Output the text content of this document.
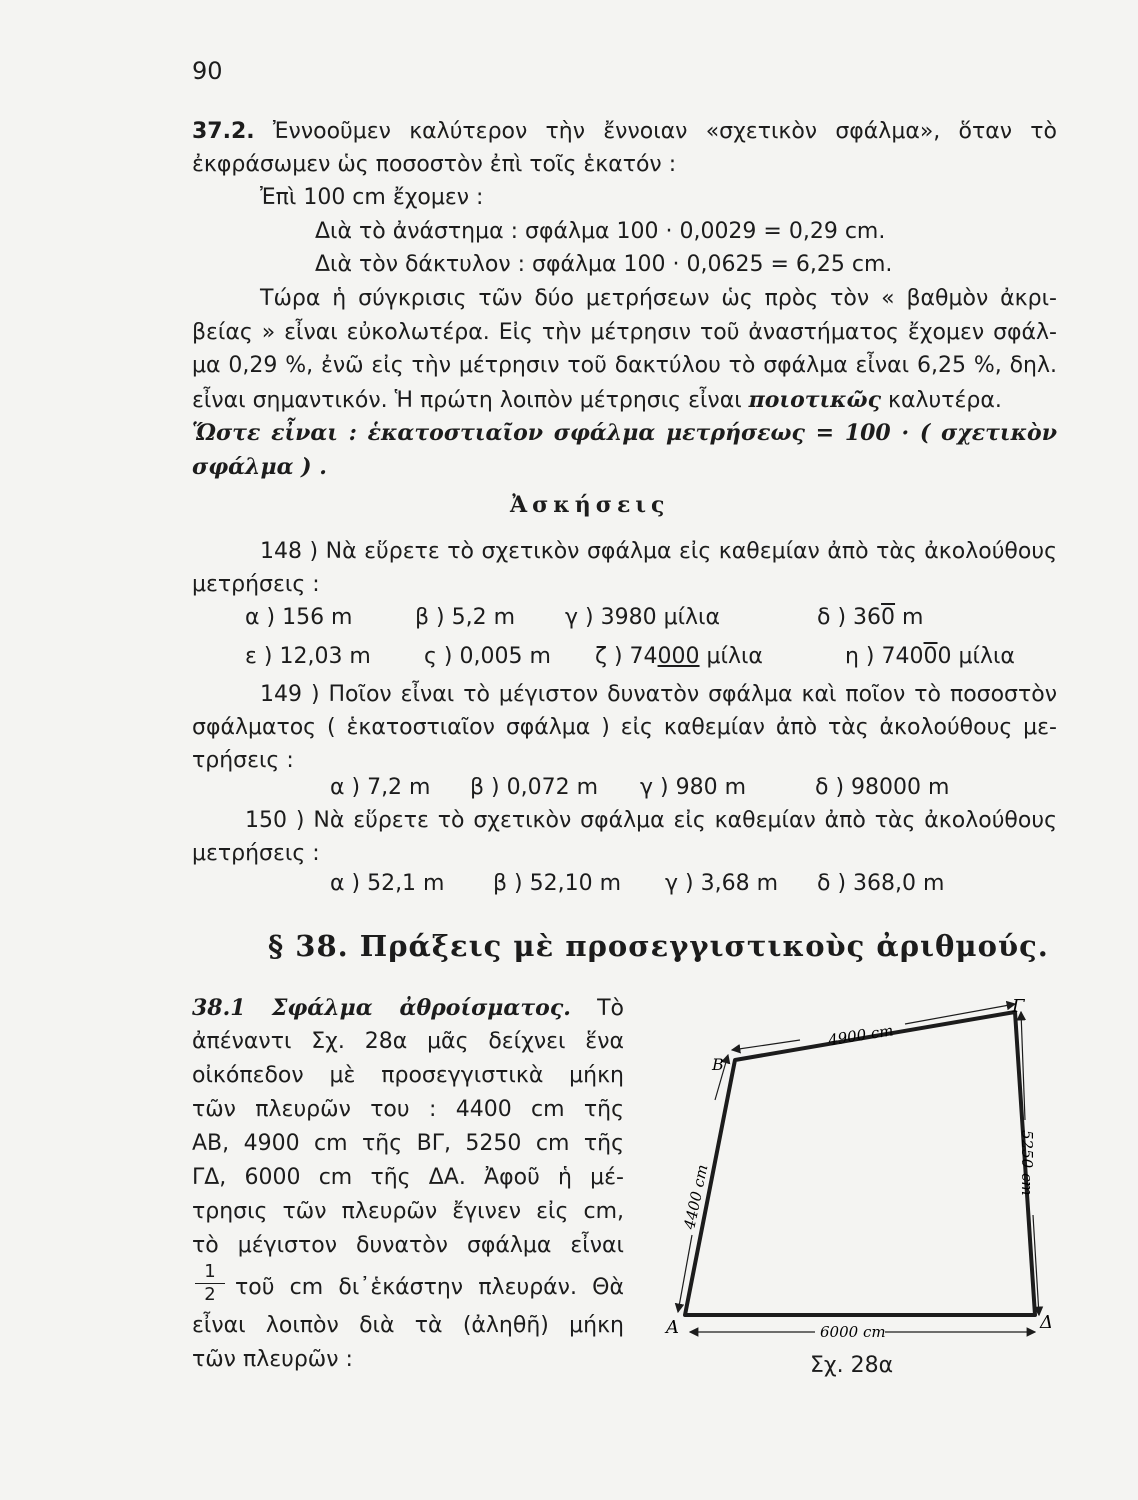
90
37.2. Ἐννοοῦμεν καλύτερον τὴν ἔννοιαν «σχετικὸν σφάλμα», ὅταν τὸ
ἐκφράσωμεν ὡς ποσοστὸν ἐπὶ τοῖς ἑκατόν :
Ἐπὶ 100 cm ἔχομεν :
Διὰ τὸ ἀνάστημα : σφάλμα 100 · 0,0029 = 0,29 cm.
Διὰ τὸν δάκτυλον : σφάλμα 100 · 0,0625 = 6,25 cm.
Τώρα ἡ σύγκρισις τῶν δύο μετρήσεων ὡς πρὸς τὸν « βαθμὸν ἀκρι-
βείας » εἶναι εὐκολωτέρα. Εἰς τὴν μέτρησιν τοῦ ἀναστήματος ἔχομεν σφάλ-
μα 0,29 %, ἐνῶ εἰς τὴν μέτρησιν τοῦ δακτύλου τὸ σφάλμα εἶναι 6,25 %, δηλ.
εἶναι σημαντικόν. Ἡ πρώτη λοιπὸν μέτρησις εἶναι ποιοτικῶς καλυτέρα.
Ὥστε εἶναι : ἑκατοστιαῖον σφάλμα μετρήσεως = 100 · ( σχετικὸν
σφάλμα ) .
Ἀσκήσεις
148 ) Νὰ εὕρετε τὸ σχετικὸν σφάλμα εἰς καθεμίαν ἀπὸ τὰς ἀκολούθους
μετρήσεις :
α ) 156 m	β ) 5,2 m γ ) 3980 μίλια	δ ) 360 m
ε ) 12,03 m ς ) 0,005 m ζ ) 74000 μίλια	η ) 74000 μίλια
149 ) Ποῖον εἶναι τὸ μέγιστον δυνατὸν σφάλμα καὶ ποῖον τὸ ποσοστὸν
σφάλματος ( ἑκατοστιαῖον σφάλμα ) εἰς καθεμίαν ἀπὸ τὰς ἀκολούθους με-
τρήσεις :
α ) 7,2 m β ) 0,072 m γ ) 980 m	δ ) 98000 m
150 ) Νὰ εὕρετε τὸ σχετικὸν σφάλμα εἰς καθεμίαν ἀπὸ τὰς ἀκολούθους
μετρήσεις :
α ) 52,1 m β ) 52,10 m γ ) 3,68 m δ ) 368,0 m
§ 38. Πράξεις μὲ προσεγγιστικοὺς ἀριθμούς.
38.1 Σφάλμα ἀθροίσματος. Τὸ
ἀπέναντι Σχ. 28α μᾶς δείχνει ἕνα
οἰκόπεδον μὲ προσεγγιστικὰ μήκη
τῶν πλευρῶν του : 4400 cm τῆς
ΑΒ, 4900 cm τῆς ΒΓ, 5250 cm τῆς
ΓΔ, 6000 cm τῆς ΔΑ. Ἀφοῦ ἡ μέ-
τρησις τῶν πλευρῶν ἔγινεν εἰς cm,
τὸ μέγιστον δυνατὸν σφάλμα εἶναι
1
2 τοῦ cm δι᾽ἑκάστην πλευράν. Θὰ
εἶναι λοιπὸν διὰ τὰ (ἀληθῆ) μήκη
τῶν πλευρῶν :
4900 cm
5250 cm
4400 cm
6000 cm
Α
Β
Γ
Δ
Σχ. 28α
